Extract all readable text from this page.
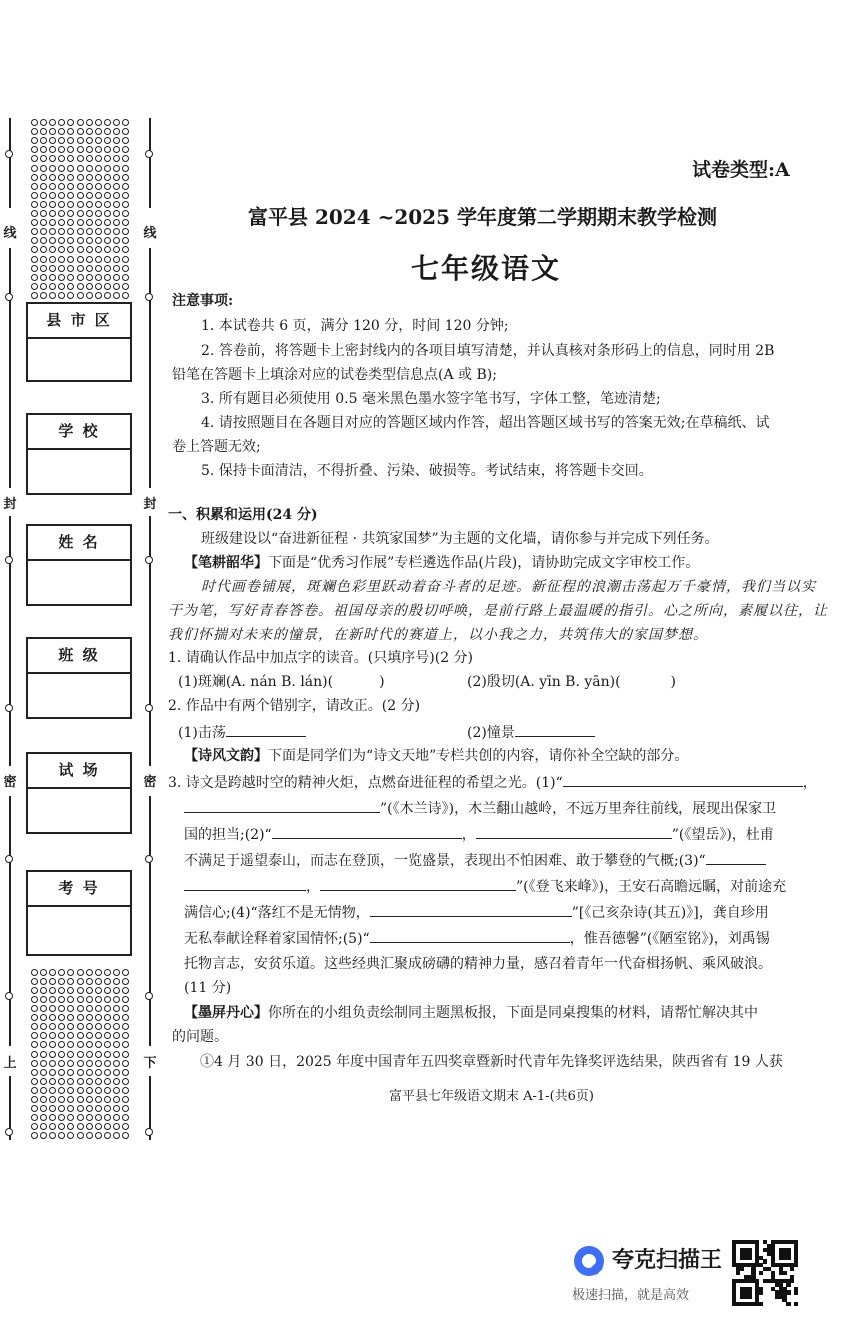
线
封
密
上
线
封
密
下
县 市 区
学 校
姓 名
班 级
试 场
考 号
试卷类型:A
富平县 2024 ~2025 学年度第二学期期末教学检测
七年级语文
注意事项:
1. 本试卷共 6 页，满分 120 分，时间 120 分钟;
2. 答卷前，将答题卡上密封线内的各项目填写清楚，并认真核对条形码上的信息，同时用 2B
铅笔在答题卡上填涂对应的试卷类型信息点(A 或 B);
3. 所有题目必须使用 0.5 毫米黑色墨水签字笔书写，字体工整，笔迹清楚;
4. 请按照题目在各题目对应的答题区域内作答，超出答题区域书写的答案无效;在草稿纸、试
卷上答题无效;
5. 保持卡面清洁，不得折叠、污染、破损等。考试结束，将答题卡交回。
一、积累和运用(24 分)
班级建设以“奋进新征程 · 共筑家国梦”为主题的文化墙，请你参与并完成下列任务。
【笔耕韶华】下面是“优秀习作展”专栏遴选作品(片段)，请协助完成文字审校工作。
时代画卷铺展，斑斓色彩里跃动着奋斗者的足迹。新征程的浪潮击荡起万千豪情，我们当以实
干为笔，写好青春答卷。祖国母亲的殷切呼唤，是前行路上最温暖的指引。心之所向，素履以往，让
我们怀揣对未来的憧景，在新时代的赛道上，以小我之力，共筑伟大的家国梦想。
1. 请确认作品中加点字的读音。(只填序号)(2 分)
(1)斑斓(A. nán B. lán)(	)	(2)殷切(A. yīn B. yān)(	)
2. 作品中有两个错别字，请改正。(2 分)
(1)击荡	(2)憧景
【诗风文韵】下面是同学们为“诗文天地”专栏共创的内容，请你补全空缺的部分。
3. 诗文是跨越时空的精神火炬，点燃奋进征程的希望之光。(1)“	，
”(《木兰诗》)，木兰翻山越岭，不远万里奔往前线，展现出保家卫
国的担当;(2)“	，	”(《望岳》)，杜甫
不满足于遥望泰山，而志在登顶，一览盛景，表现出不怕困难、敢于攀登的气概;(3)“
，	”(《登飞来峰》)，王安石高瞻远瞩，对前途充
满信心;(4)“落红不是无情物，	”[《己亥杂诗(其五)》]，龚自珍用
无私奉献诠释着家国情怀;(5)“	，惟吾德馨”(《陋室铭》)，刘禹锡
托物言志，安贫乐道。这些经典汇聚成磅礴的精神力量，感召着青年一代奋楫扬帆、乘风破浪。
(11 分)
【墨屏丹心】你所在的小组负责绘制同主题黑板报，下面是同桌搜集的材料，请帮忙解决其中
的问题。
①4 月 30 日，2025 年度中国青年五四奖章暨新时代青年先锋奖评选结果，陕西省有 19 人获
富平县七年级语文期末 A-1-(共6页)
夸克扫描王
极速扫描，就是高效
